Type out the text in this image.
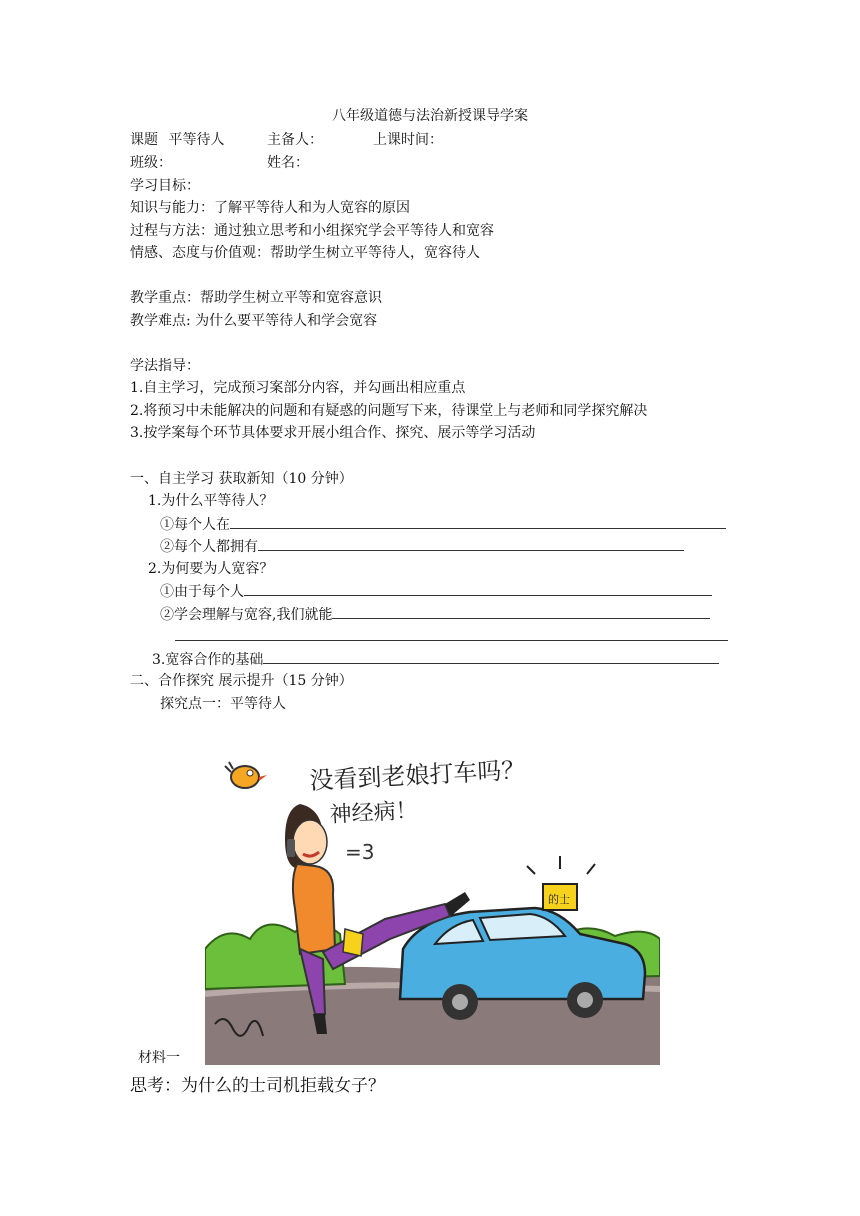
八年级道德与法治新授课导学案
课题 平等待人	主备人：	上课时间：
班级：	姓名：
学习目标：
知识与能力：了解平等待人和为人宽容的原因
过程与方法：通过独立思考和小组探究学会平等待人和宽容
情感、态度与价值观：帮助学生树立平等待人，宽容待人
教学重点：帮助学生树立平等和宽容意识
教学难点: 为什么要平等待人和学会宽容
学法指导：
1.自主学习，完成预习案部分内容，并勾画出相应重点
2.将预习中未能解决的问题和有疑惑的问题写下来，待课堂上与老师和同学探究解决
3.按学案每个环节具体要求开展小组合作、探究、展示等学习活动
一、自主学习 获取新知（10 分钟）
1.为什么平等待人？
①每个人在
②每个人都拥有
2.为何要为人宽容？
①由于每个人
②学会理解与宽容,我们就能
3.宽容合作的基础
二、合作探究 展示提升（15 分钟）
探究点一：平等待人
没看到老娘打车吗？
神经病！
=3
的士
材料一
思考：为什么的士司机拒载女子？
